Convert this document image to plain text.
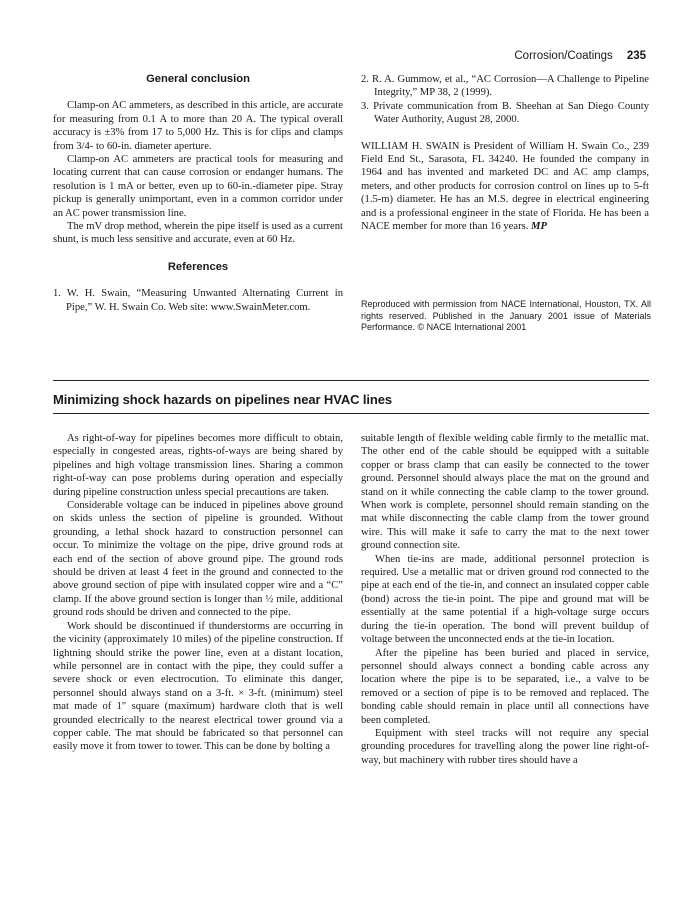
Corrosion/Coatings 235
General conclusion

Clamp-on AC ammeters, as described in this article, are accurate for measuring from 0.1 A to more than 20 A. The typical overall accuracy is ±3% from 17 to 5,000 Hz. This is for clips and clamps from 3/4- to 60-in. diameter aperture.

Clamp-on AC ammeters are practical tools for measuring and locating current that can cause corrosion or endanger humans. The resolution is 1 mA or better, even up to 60-in.-diameter pipe. Stray pickup is generally unimportant, even in a common corridor under an AC power transmission line.

The mV drop method, wherein the pipe itself is used as a current shunt, is much less sensitive and accurate, even at 60 Hz.

References
1. W. H. Swain, “Measuring Unwanted Alternating Current in Pipe,” W. H. Swain Co. Web site: www.SwainMeter.com.
2. R. A. Gummow, et al., “AC Corrosion—A Challenge to Pipeline Integrity,” MP 38, 2 (1999).
3. Private communication from B. Sheehan at San Diego County Water Authority, August 28, 2000.

WILLIAM H. SWAIN is President of William H. Swain Co., 239 Field End St., Sarasota, FL 34240. He founded the company in 1964 and has invented and marketed DC and AC amp clamps, meters, and other products for corrosion control on lines up to 5-ft (1.5-m) diameter. He has an M.S. degree in electrical engineering and is a professional engineer in the state of Florida. He has been a NACE member for more than 16 years. MP

Reproduced with permission from NACE International, Houston, TX. All rights reserved. Published in the January 2001 issue of Materials Performance. © NACE International 2001
Minimizing shock hazards on pipelines near HVAC lines

As right-of-way for pipelines becomes more difficult to obtain, especially in congested areas, rights-of-ways are being shared by pipelines and high voltage transmission lines. Sharing a common right-of-way can pose problems during operation and especially during pipeline construction unless special precautions are taken.

Considerable voltage can be induced in pipelines above ground on skids unless the section of pipeline is grounded. Without grounding, a lethal shock hazard to construction personnel can occur. To minimize the voltage on the pipe, drive ground rods at each end of the section of above ground pipe. The ground rods should be driven at least 4 feet in the ground and connected to the above ground section of pipe with insulated copper wire and a “C” clamp. If the above ground section is longer than ½ mile, additional ground rods should be driven and connected to the pipe.

Work should be discontinued if thunderstorms are occurring in the vicinity (approximately 10 miles) of the pipeline construction. If lightning should strike the power line, even at a distant location, while personnel are in contact with the pipe, they could suffer a severe shock or even electrocution. To eliminate this danger, personnel should always stand on a 3-ft. × 3-ft. (minimum) steel mat made of 1″ square (maximum) hardware cloth that is well grounded electrically to the nearest electrical tower ground via a copper cable. The mat should be fabricated so that personnel can easily move it from tower to tower. This can be done by bolting a

suitable length of flexible welding cable firmly to the metallic mat. The other end of the cable should be equipped with a suitable copper or brass clamp that can easily be connected to the tower ground. Personnel should always place the mat on the ground and stand on it while connecting the cable clamp to the tower ground. When work is complete, personnel should remain standing on the mat while disconnecting the cable clamp from the tower ground wire. This will make it safe to carry the mat to the next tower ground connection site.

When tie-ins are made, additional personnel protection is required. Use a metallic mat or driven ground rod connected to the pipe at each end of the tie-in, and connect an insulated copper cable (bond) across the tie-in point. The pipe and ground mat will be essentially at the same potential if a high-voltage surge occurs during the tie-in operation. The bond will prevent buildup of voltage between the unconnected ends at the tie-in location.

After the pipeline has been buried and placed in service, personnel should always connect a bonding cable across any location where the pipe is to be separated, i.e., a valve to be removed or a section of pipe is to be removed and replaced. The bonding cable should remain in place until all connections have been completed.

Equipment with steel tracks will not require any special grounding procedures for travelling along the power line right-of-way, but machinery with rubber tires should have a
